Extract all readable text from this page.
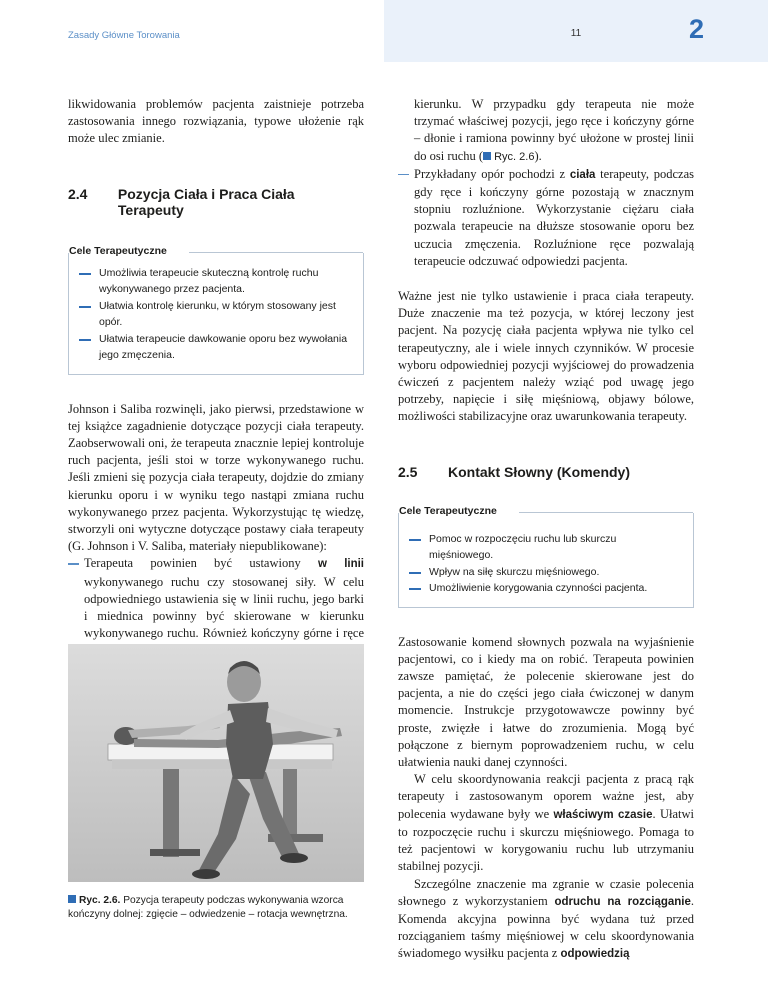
Zasady Główne Torowania	11	2

likwidowania problemów pacjenta zaistnieje potrzeba zastosowania innego rozwiązania, typowe ułożenie rąk może ulec zmianie.

2.4	Pozycja Ciała i Praca Ciała Terapeuty
Cele Terapeutyczne
Umożliwia terapeucie skuteczną kontrolę ruchu wykonywanego przez pacjenta.
Ułatwia kontrolę kierunku, w którym stosowany jest opór.
Ułatwia terapeucie dawkowanie oporu bez wywołania jego zmęczenia.

Johnson i Saliba rozwinęli, jako pierwsi, przedstawione w tej książce zagadnienie dotyczące pozycji ciała terapeuty. Zaobserwowali oni, że terapeuta znacznie lepiej kontroluje ruch pacjenta, jeśli stoi w torze wykonywanego ruchu. Jeśli zmieni się pozycja ciała terapeuty, dojdzie do zmiany kierunku oporu i w wyniku tego nastąpi zmiana ruchu wykonywanego przez pacjenta. Wykorzystując tę wiedzę, stworzyli oni wytyczne dotyczące postawy ciała terapeuty (G. Johnson i V. Saliba, materiały niepublikowane):

Terapeuta powinien być ustawiony w linii wykonywanego ruchu czy stosowanej siły. W celu odpowiedniego ustawienia się w linii ruchu, jego barki i miednica powinny być skierowane w kierunku wykonywanego ruchu. Również kończyny górne i ręce
Ryc. 2.6. Pozycja terapeuty podczas wykonywania wzorca kończyny dolnej: zgięcie – odwiedzenie – rotacja wewnętrzna.
kierunku. W przypadku gdy terapeuta nie może trzymać właściwej pozycji, jego ręce i kończyny górne – dłonie i ramiona powinny być ułożone w prostej linii do osi ruchu ( Ryc. 2.6).
Przykładany opór pochodzi z ciała terapeuty, podczas gdy ręce i kończyny górne pozostają w znacznym stopniu rozluźnione. Wykorzystanie ciężaru ciała pozwala terapeucie na dłuższe stosowanie oporu bez uczucia zmęczenia. Rozluźnione ręce pozwalają terapeucie odczuwać odpowiedzi pacjenta.

Ważne jest nie tylko ustawienie i praca ciała terapeuty. Duże znaczenie ma też pozycja, w której leczony jest pacjent. Na pozycję ciała pacjenta wpływa nie tylko cel terapeutyczny, ale i wiele innych czynników. W procesie wyboru odpowiedniej pozycji wyjściowej do prowadzenia ćwiczeń z pacjentem należy wziąć pod uwagę jego potrzeby, napięcie i siłę mięśniową, objawy bólowe, możliwości stabilizacyjne oraz uwarunkowania terapeuty.

2.5	Kontakt Słowny (Komendy)
Cele Terapeutyczne
Pomoc w rozpoczęciu ruchu lub skurczu mięśniowego.
Wpływ na siłę skurczu mięśniowego.
Umożliwienie korygowania czynności pacjenta.

Zastosowanie komend słownych pozwala na wyjaśnienie pacjentowi, co i kiedy ma on robić. Terapeuta powinien zawsze pamiętać, że polecenie skierowane jest do pacjenta, a nie do części jego ciała ćwiczonej w danym momencie. Instrukcje przygotowawcze powinny być proste, zwięzłe i łatwe do zrozumienia. Mogą być połączone z biernym poprowadzeniem ruchu, w celu ułatwienia nauki danej czynności.

W celu skoordynowania reakcji pacjenta z pracą rąk terapeuty i zastosowanym oporem ważne jest, aby polecenia wydawane były we właściwym czasie. Ułatwi to rozpoczęcie ruchu i skurczu mięśniowego. Pomaga to też pacjentowi w korygowaniu ruchu lub utrzymaniu stabilnej pozycji.

Szczególne znaczenie ma zgranie w czasie polecenia słownego z wykorzystaniem odruchu na rozciąganie. Komenda akcyjna powinna być wydana tuż przed rozciąganiem taśmy mięśniowej w celu skoordynowania świadomego wysiłku pacjenta z odpowiedzią
